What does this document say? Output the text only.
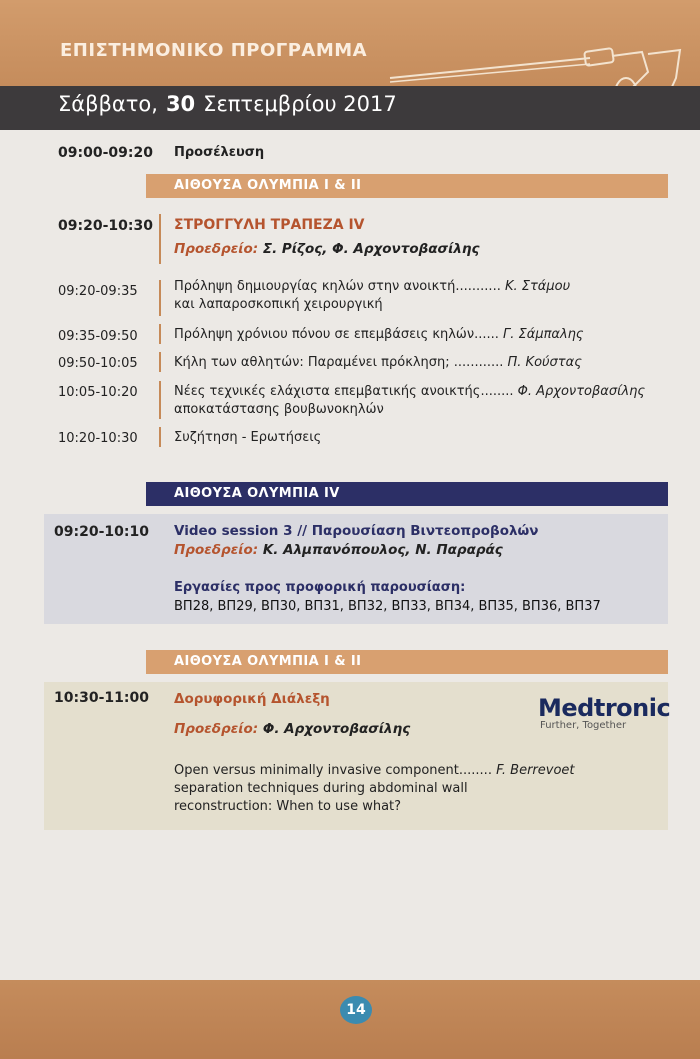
ΕΠΙΣΤΗΜΟΝΙΚΟ ΠΡΟΓΡΑΜΜΑ
Σάββατο, 30 Σεπτεμβρίου 2017
09:00-09:20 Προσέλευση
ΑΙΘΟΥΣΑ ΟΛΥΜΠΙΑ Ι & ΙΙ
09:20-10:30 ΣΤΡΟΓΓΥΛΗ ΤΡΑΠΕΖΑ IV
Προεδρείο: Σ. Ρίζος, Φ. Αρχοντοβασίλης
09:20-09:35	Πρόληψη δημιουργίας κηλών στην ανοικτή........... Κ. Στάμου
και λαπαροσκοπική χειρουργική
09:35-09:50	Πρόληψη χρόνιου πόνου σε επεμβάσεις κηλών...... Γ. Σάμπαλης
09:50-10:05	Κήλη των αθλητών: Παραμένει πρόκληση; ............ Π. Κούστας
10:05-10:20	Νέες τεχνικές ελάχιστα επεμβατικής ανοικτής........ Φ. Αρχοντοβασίλης
αποκατάστασης βουβωνοκηλών
10:20-10:30	Συζήτηση - Ερωτήσεις
ΑΙΘΟΥΣΑ ΟΛΥΜΠΙΑ IV
09:20-10:10 Video session 3 // Παρουσίαση Βιντεοπροβολών
Προεδρείο: Κ. Αλμπανόπουλος, Ν. Παραράς
Εργασίες προς προφορική παρουσίαση:
ΒΠ28, ΒΠ29, ΒΠ30, ΒΠ31, ΒΠ32, ΒΠ33, ΒΠ34, ΒΠ35, ΒΠ36, ΒΠ37
ΑΙΘΟΥΣΑ ΟΛΥΜΠΙΑ Ι & ΙΙ
10:30-11:00 Δορυφορική Διάλεξη
Προεδρείο: Φ. Αρχοντοβασίλης
Medtronic
Further, Together
Open versus minimally invasive component........ F. Berrevoet
separation techniques during abdominal wall
reconstruction: When to use what?
14
